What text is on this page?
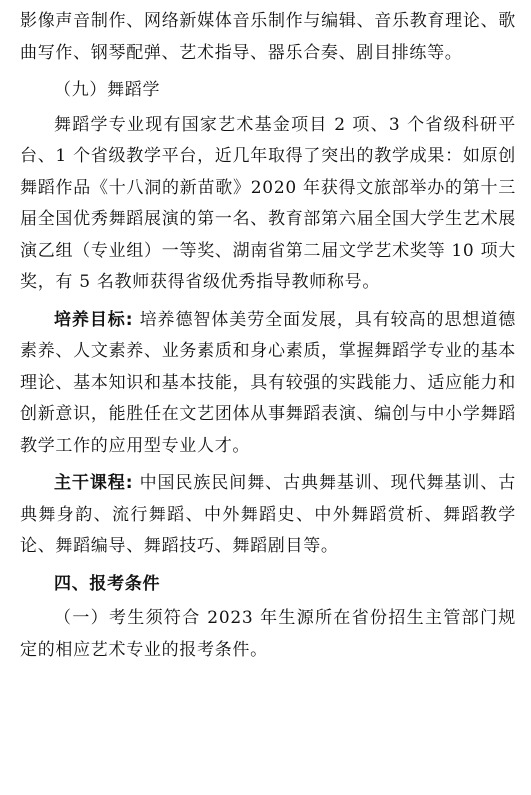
影像声音制作、网络新媒体音乐制作与编辑、音乐教育理论、歌曲写作、钢琴配弹、艺术指导、器乐合奏、剧目排练等。

（九）舞蹈学

舞蹈学专业现有国家艺术基金项目 2 项、3 个省级科研平台、1 个省级教学平台，近几年取得了突出的教学成果：如原创舞蹈作品《十八洞的新苗歌》2020 年获得文旅部举办的第十三届全国优秀舞蹈展演的第一名、教育部第六届全国大学生艺术展演乙组（专业组）一等奖、湖南省第二届文学艺术奖等 10 项大奖，有 5 名教师获得省级优秀指导教师称号。

培养目标: 培养德智体美劳全面发展，具有较高的思想道德素养、人文素养、业务素质和身心素质，掌握舞蹈学专业的基本理论、基本知识和基本技能，具有较强的实践能力、适应能力和创新意识，能胜任在文艺团体从事舞蹈表演、编创与中小学舞蹈教学工作的应用型专业人才。

主干课程: 中国民族民间舞、古典舞基训、现代舞基训、古典舞身韵、流行舞蹈、中外舞蹈史、中外舞蹈赏析、舞蹈教学论、舞蹈编导、舞蹈技巧、舞蹈剧目等。

四、报考条件

（一）考生须符合 2023 年生源所在省份招生主管部门规定的相应艺术专业的报考条件。
